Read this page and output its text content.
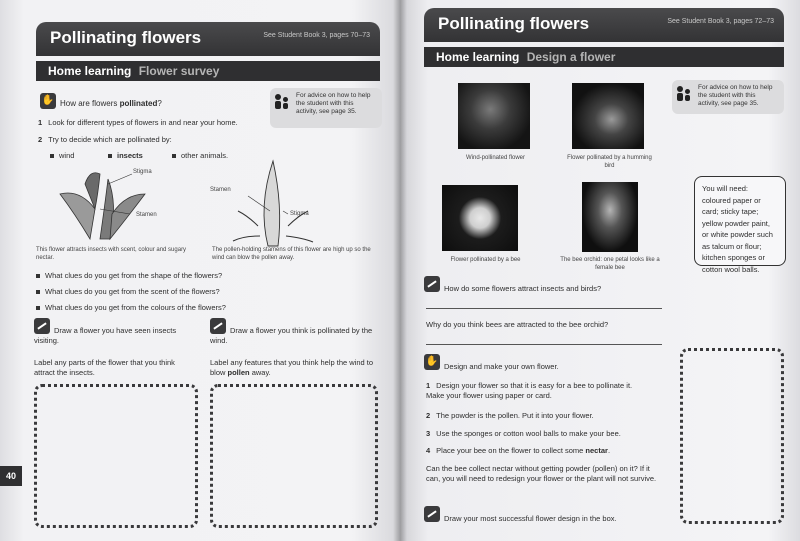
Pollinating flowers	See Student Book 3, pages 70–73
Home learning Flower survey
✋ How are flowers pollinated?
For advice on how to help the student with this activity, see page 35.
1 Look for different types of flowers in and near your home.
2 Try to decide which are pollinated by:
wind	insects	other animals.
Stigma
Stamen
Stamen
Stigma
This flower attracts insects with scent, colour and sugary nectar.
The pollen-holding stamens of this flower are high up so the wind can blow the pollen away.
What clues do you get from the shape of the flowers?
What clues do you get from the scent of the flowers?
What clues do you get from the colours of the flowers?
Draw a flower you have seen insects visiting.
Label any parts of the flower that you think attract the insects.
Draw a flower you think is pollinated by the wind.
Label any features that you think help the wind to blow pollen away.
40
Pollinating flowers	See Student Book 3, pages 72–73
Home learning Design a flower
For advice on how to help the student with this activity, see page 35.
Wind-pollinated flower	Flower pollinated by a humming bird
Flower pollinated by a bee	The bee orchid: one petal looks like a female bee
You will need: coloured paper or card; sticky tape; yellow powder paint, or white powder such as talcum or flour; kitchen sponges or cotton wool balls.
How do some flowers attract insects and birds?
Why do you think bees are attracted to the bee orchid?
✋ Design and make your own flower.
1 Design your flower so that it is easy for a bee to pollinate it. Make your flower using paper or card.
2 The powder is the pollen. Put it into your flower.
3 Use the sponges or cotton wool balls to make your bee.
4 Place your bee on the flower to collect some nectar.
Can the bee collect nectar without getting powder (pollen) on it? If it can, you will need to redesign your flower or the plant will not survive.
Draw your most successful flower design in the box.
